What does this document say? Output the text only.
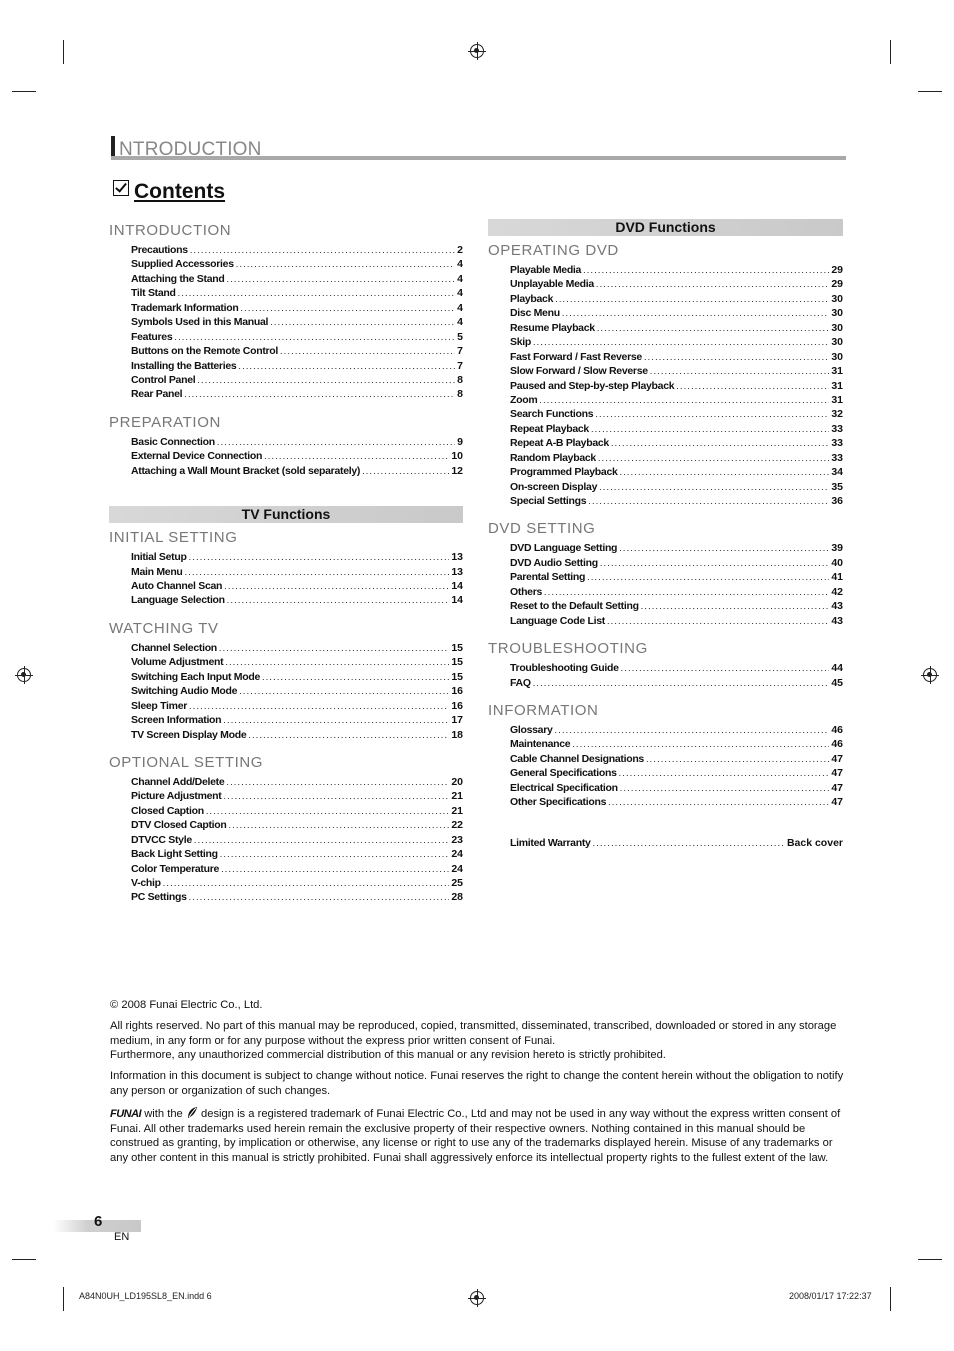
NTRODUCTION
Contents
INTRODUCTION
Precautions .....	2
Supplied Accessories .....	4
Attaching the Stand .....	4
Tilt Stand .....	4
Trademark Information .....	4
Symbols Used in this Manual .....	4
Features .....	5
Buttons on the Remote Control .....	7
Installing the Batteries .....	7
Control Panel .....	8
Rear Panel .....	8
PREPARATION
Basic Connection .....	9
External Device Connection .....	10
Attaching a Wall Mount Bracket (sold separately) .....	12
TV Functions
INITIAL SETTING
Initial Setup .....	13
Main Menu .....	13
Auto Channel Scan .....	14
Language Selection .....	14
WATCHING TV
Channel Selection .....	15
Volume Adjustment .....	15
Switching Each Input Mode .....	15
Switching Audio Mode .....	16
Sleep Timer .....	16
Screen Information .....	17
TV Screen Display Mode .....	18
OPTIONAL SETTING
Channel Add/Delete .....	20
Picture Adjustment .....	21
Closed Caption .....	21
DTV Closed Caption .....	22
DTVCC Style .....	23
Back Light Setting .....	24
Color Temperature .....	24
V-chip .....	25
PC Settings .....	28
DVD Functions
OPERATING DVD
Playable Media .....	29
Unplayable Media .....	29
Playback .....	30
Disc Menu .....	30
Resume Playback .....	30
Skip .....	30
Fast Forward / Fast Reverse .....	30
Slow Forward / Slow Reverse .....	31
Paused and Step-by-step Playback .....	31
Zoom .....	31
Search Functions .....	32
Repeat Playback .....	33
Repeat A-B Playback .....	33
Random Playback .....	33
Programmed Playback .....	34
On-screen Display .....	35
Special Settings .....	36
DVD SETTING
DVD Language Setting .....	39
DVD Audio Setting .....	40
Parental Setting .....	41
Others .....	42
Reset to the Default Setting .....	43
Language Code List .....	43
TROUBLESHOOTING
Troubleshooting Guide .....	44
FAQ .....	45
INFORMATION
Glossary .....	46
Maintenance .....	46
Cable Channel Designations .....	47
General Specifications .....	47
Electrical Specification .....	47
Other Specifications .....	47
Limited Warranty .....	Back cover
© 2008 Funai Electric Co., Ltd.
All rights reserved. No part of this manual may be reproduced, copied, transmitted, disseminated, transcribed, downloaded or stored in any storage medium, in any form or for any purpose without the express prior written consent of Funai.
Furthermore, any unauthorized commercial distribution of this manual or any revision hereto is strictly prohibited.
Information in this document is subject to change without notice. Funai reserves the right to change the content herein without the obligation to notify any person or organization of such changes.
FUNAI with the  design is a registered trademark of Funai Electric Co., Ltd and may not be used in any way without the express written consent of Funai. All other trademarks used herein remain the exclusive property of their respective owners. Nothing contained in this manual should be construed as granting, by implication or otherwise, any license or right to use any of the trademarks displayed herein. Misuse of any trademarks or any other content in this manual is strictly prohibited. Funai shall aggressively enforce its intellectual property rights to the fullest extent of the law.
6
EN
A84N0UH_LD195SL8_EN.indd 6	2008/01/17 17:22:37
